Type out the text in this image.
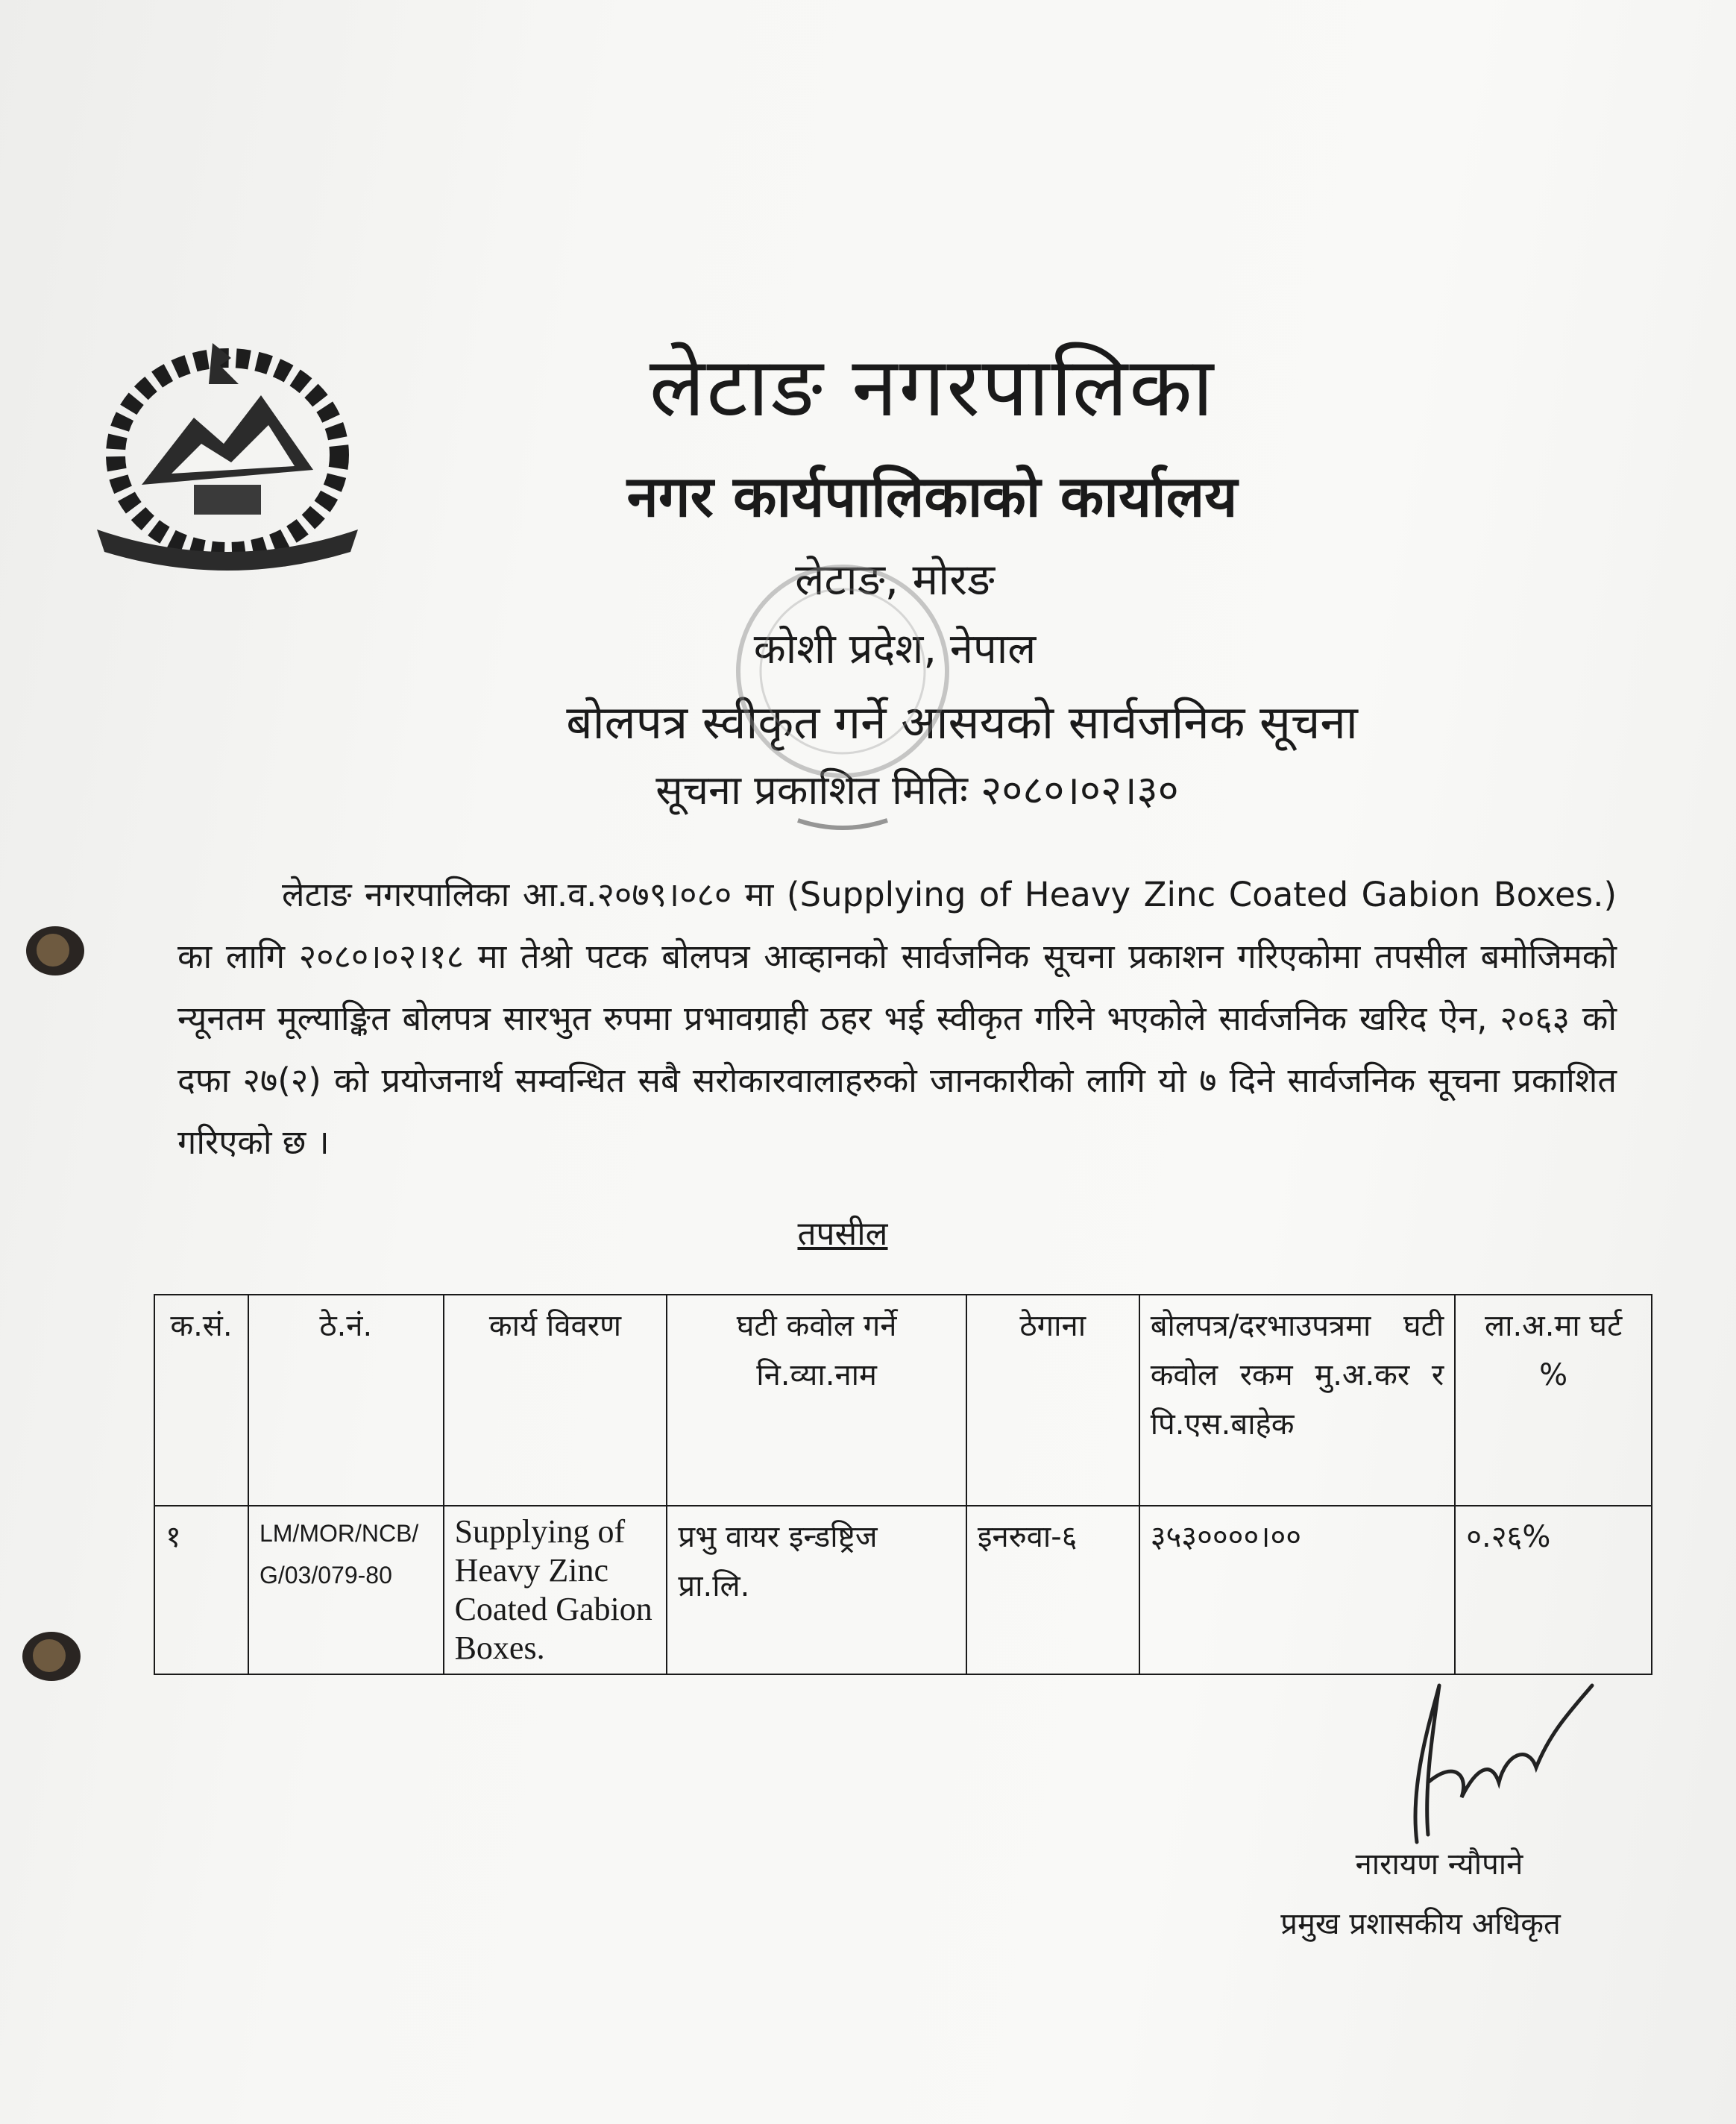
लेटाङ नगरपालिका
नगर कार्यपालिकाको कार्यालय
लेटाङ, मोरङ
कोशी प्रदेश, नेपाल
बोलपत्र स्वीकृत गर्ने आसयको सार्वजनिक सूचना
सूचना प्रकाशित मितिः २०८०।०२।३०
लेटाङ नगरपालिका आ.व.२०७९।०८० मा (Supplying of Heavy Zinc Coated Gabion Boxes.) का लागि २०८०।०२।१८ मा तेश्रो पटक बोलपत्र आव्हानको सार्वजनिक सूचना प्रकाशन गरिएकोमा तपसील बमोजिमको न्यूनतम मूल्याङ्कित बोलपत्र सारभुत रुपमा प्रभावग्राही ठहर भई स्वीकृत गरिने भएकोले सार्वजनिक खरिद ऐन, २०६३ को दफा २७(२) को प्रयोजनार्थ सम्वन्धित सबै सरोकारवालाहरुको जानकारीको लागि यो ७ दिने सार्वजनिक सूचना प्रकाशित गरिएको छ ।
तपसील
क.सं.	ठे.नं.	कार्य विवरण	घटी कवोल गर्ने नि.व्या.नाम	ठेगाना	बोलपत्र/दरभाउपत्रमा घटी कवोल रकम मु.अ.कर र पि.एस.बाहेक	ला.अ.मा घर्ट %
१	LM/MOR/NCB/G/03/079-80	Supplying of Heavy Zinc Coated Gabion Boxes.	प्रभु वायर इन्डष्ट्रिज प्रा.लि.	इनरुवा-६	३५३००००।००	०.२६%
नारायण न्यौपाने
प्रमुख प्रशासकीय अधिकृत
